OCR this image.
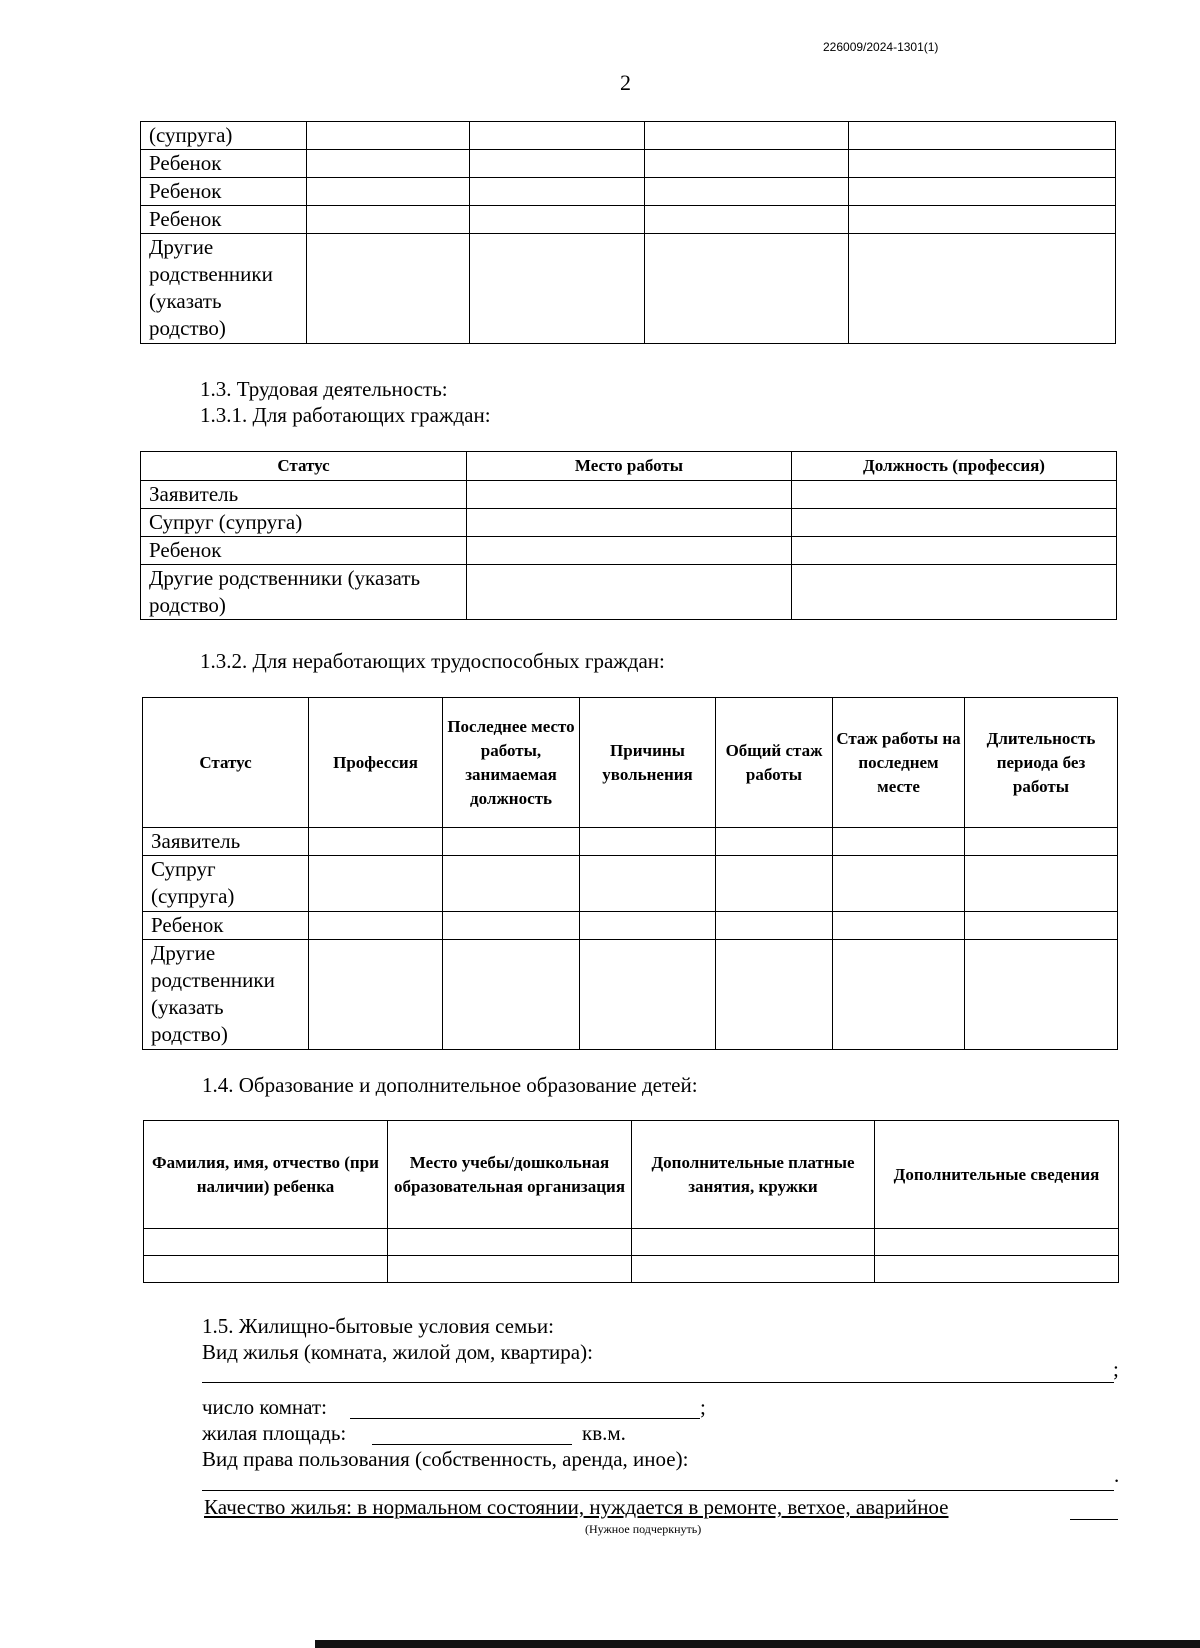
226009/2024-1301(1)
2
(супруга)				
Ребенок				
Ребенок				
Ребенок				
Другие родственники (указать родство)				
1.3. Трудовая деятельность:
1.3.1. Для работающих граждан:
Статус	Место работы	Должность (профессия)
Заявитель		
Супруг (супруга)		
Ребенок		
Другие родственники (указать родство)		
1.3.2. Для неработающих трудоспособных граждан:
Статус	Профессия	Последнее место работы, занимаемая должность	Причины увольнения	Общий стаж работы	Стаж работы на последнем месте	Длительность периода без работы
Заявитель						
Супруг (супруга)						
Ребенок						
Другие родственники (указать родство)						
1.4. Образование и дополнительное образование детей:
Фамилия, имя, отчество (при наличии) ребенка	Место учебы/дошкольная образовательная организация	Дополнительные платные занятия, кружки	Дополнительные сведения

1.5. Жилищно-бытовые условия семьи:
Вид жилья (комната, жилой дом, квартира):
;
число комнат:	;
жилая площадь:	кв.м.
Вид права пользования (собственность, аренда, иное):
.
Качество жилья: в нормальном состоянии, нуждается в ремонте, ветхое, аварийное
(Нужное подчеркнуть)
